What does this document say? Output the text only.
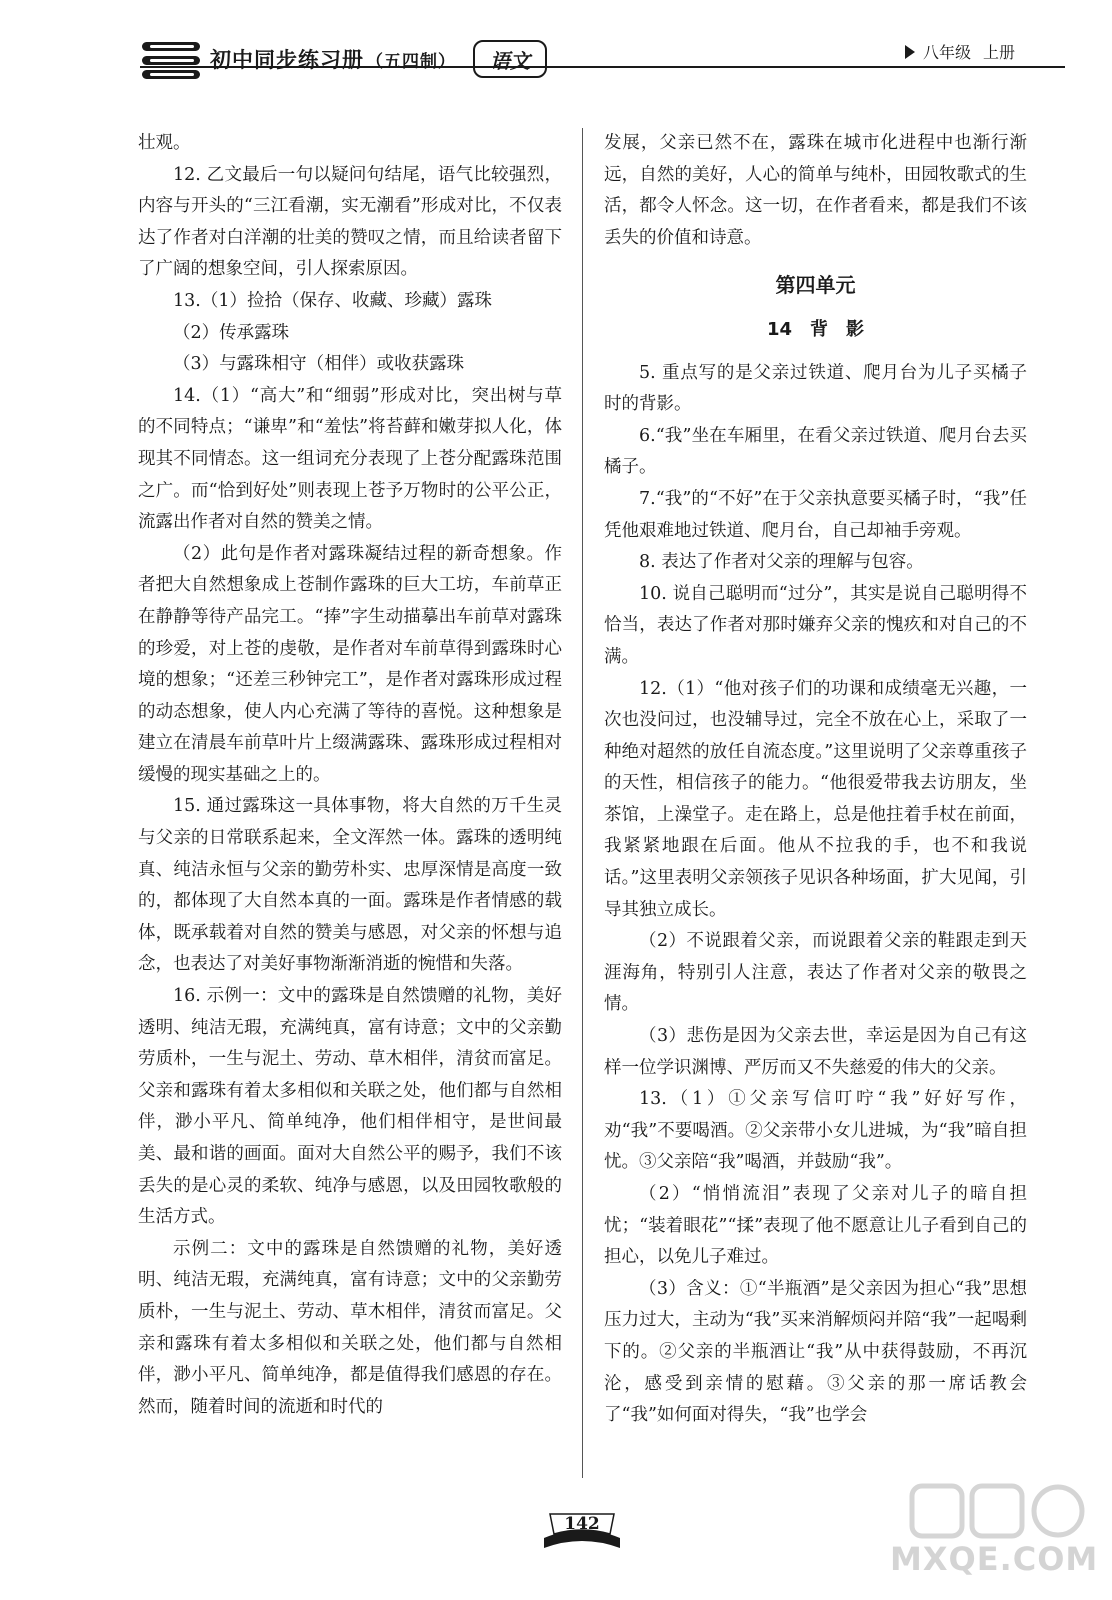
初中同步练习册 （五四制）	语文	八年级 上册

壮观。

12. 乙文最后一句以疑问句结尾，语气比较强烈，内容与开头的“三江看潮，实无潮看”形成对比，不仅表达了作者对白洋潮的壮美的赞叹之情，而且给读者留下了广阔的想象空间，引人探索原因。

13.（1）捡拾（保存、收藏、珍藏）露珠

（2）传承露珠

（3）与露珠相守（相伴）或收获露珠

14.（1）“高大”和“细弱”形成对比，突出树与草的不同特点；“谦卑”和“羞怯”将苔藓和嫩芽拟人化，体现其不同情态。这一组词充分表现了上苍分配露珠范围之广。而“恰到好处”则表现上苍予万物时的公平公正，流露出作者对自然的赞美之情。

（2）此句是作者对露珠凝结过程的新奇想象。作者把大自然想象成上苍制作露珠的巨大工坊，车前草正在静静等待产品完工。“捧”字生动描摹出车前草对露珠的珍爱，对上苍的虔敬，是作者对车前草得到露珠时心境的想象；“还差三秒钟完工”，是作者对露珠形成过程的动态想象，使人内心充满了等待的喜悦。这种想象是建立在清晨车前草叶片上缀满露珠、露珠形成过程相对缓慢的现实基础之上的。

15. 通过露珠这一具体事物，将大自然的万千生灵与父亲的日常联系起来，全文浑然一体。露珠的透明纯真、纯洁永恒与父亲的勤劳朴实、忠厚深情是高度一致的，都体现了大自然本真的一面。露珠是作者情感的载体，既承载着对自然的赞美与感恩，对父亲的怀想与追念，也表达了对美好事物渐渐消逝的惋惜和失落。

16. 示例一：文中的露珠是自然馈赠的礼物，美好透明、纯洁无瑕，充满纯真，富有诗意；文中的父亲勤劳质朴，一生与泥土、劳动、草木相伴，清贫而富足。父亲和露珠有着太多相似和关联之处，他们都与自然相伴，渺小平凡、简单纯净，他们相伴相守，是世间最美、最和谐的画面。面对大自然公平的赐予，我们不该丢失的是心灵的柔软、纯净与感恩，以及田园牧歌般的生活方式。

示例二：文中的露珠是自然馈赠的礼物，美好透明、纯洁无瑕，充满纯真，富有诗意；文中的父亲勤劳质朴，一生与泥土、劳动、草木相伴，清贫而富足。父亲和露珠有着太多相似和关联之处，他们都与自然相伴，渺小平凡、简单纯净，都是值得我们感恩的存在。然而，随着时间的流逝和时代的

发展，父亲已然不在，露珠在城市化进程中也渐行渐远，自然的美好，人心的简单与纯朴，田园牧歌式的生活，都令人怀念。这一切，在作者看来，都是我们不该丢失的价值和诗意。

第四单元
14　背　影

5. 重点写的是父亲过铁道、爬月台为儿子买橘子时的背影。

6.“我”坐在车厢里，在看父亲过铁道、爬月台去买橘子。

7.“我”的“不好”在于父亲执意要买橘子时，“我”任凭他艰难地过铁道、爬月台，自己却袖手旁观。

8. 表达了作者对父亲的理解与包容。

10. 说自己聪明而“过分”，其实是说自己聪明得不恰当，表达了作者对那时嫌弃父亲的愧疚和对自己的不满。

12.（1）“他对孩子们的功课和成绩毫无兴趣，一次也没问过，也没辅导过，完全不放在心上，采取了一种绝对超然的放任自流态度。”这里说明了父亲尊重孩子的天性，相信孩子的能力。“他很爱带我去访朋友，坐茶馆，上澡堂子。走在路上，总是他拄着手杖在前面，我紧紧地跟在后面。他从不拉我的手，也不和我说话。”这里表明父亲领孩子见识各种场面，扩大见闻，引导其独立成长。

（2）不说跟着父亲，而说跟着父亲的鞋跟走到天涯海角，特别引人注意，表达了作者对父亲的敬畏之情。

（3）悲伤是因为父亲去世，幸运是因为自己有这样一位学识渊博、严厉而又不失慈爱的伟大的父亲。

13.（1）①父亲写信叮咛“我”好好写作，劝“我”不要喝酒。②父亲带小女儿进城，为“我”暗自担忧。③父亲陪“我”喝酒，并鼓励“我”。

（2）“悄悄流泪”表现了父亲对儿子的暗自担忧；“装着眼花”“揉”表现了他不愿意让儿子看到自己的担心，以免儿子难过。

（3）含义：①“半瓶酒”是父亲因为担心“我”思想压力过大，主动为“我”买来消解烦闷并陪“我”一起喝剩下的。②父亲的半瓶酒让“我”从中获得鼓励，不再沉沦，感受到亲情的慰藉。③父亲的那一席话教会了“我”如何面对得失，“我”也学会

142
MXQE.COM
